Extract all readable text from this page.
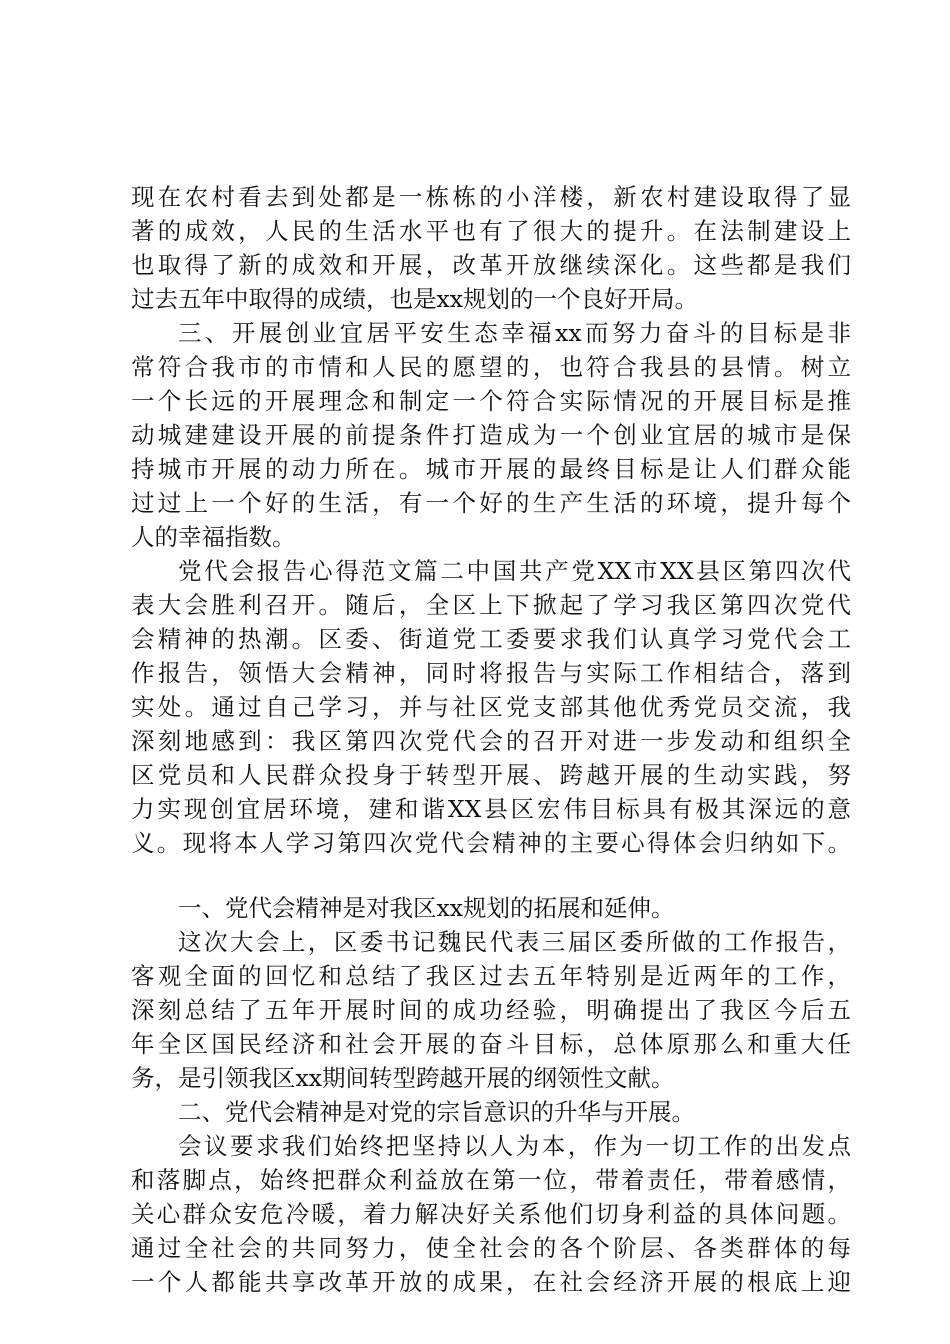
现在农村看去到处都是一栋栋的小洋楼，新农村建设取得了显
著的成效，人民的生活水平也有了很大的提升。在法制建设上
也取得了新的成效和开展，改革开放继续深化。这些都是我们
过去五年中取得的成绩，也是xx规划的一个良好开局。
三、开展创业宜居平安生态幸福xx而努力奋斗的目标是非
常符合我市的市情和人民的愿望的，也符合我县的县情。树立
一个长远的开展理念和制定一个符合实际情况的开展目标是推
动城建建设开展的前提条件打造成为一个创业宜居的城市是保
持城市开展的动力所在。城市开展的最终目标是让人们群众能
过过上一个好的生活，有一个好的生产生活的环境，提升每个
人的幸福指数。
党代会报告心得范文篇二中国共产党XX市XX县区第四次代
表大会胜利召开。随后，全区上下掀起了学习我区第四次党代
会精神的热潮。区委、街道党工委要求我们认真学习党代会工
作报告，领悟大会精神，同时将报告与实际工作相结合，落到
实处。通过自己学习，并与社区党支部其他优秀党员交流，我
深刻地感到：我区第四次党代会的召开对进一步发动和组织全
区党员和人民群众投身于转型开展、跨越开展的生动实践，努
力实现创宜居环境，建和谐XX县区宏伟目标具有极其深远的意
义。现将本人学习第四次党代会精神的主要心得体会归纳如下。
一、党代会精神是对我区xx规划的拓展和延伸。
这次大会上，区委书记魏民代表三届区委所做的工作报告，
客观全面的回忆和总结了我区过去五年特别是近两年的工作，
深刻总结了五年开展时间的成功经验，明确提出了我区今后五
年全区国民经济和社会开展的奋斗目标，总体原那么和重大任
务，是引领我区xx期间转型跨越开展的纲领性文献。
二、党代会精神是对党的宗旨意识的升华与开展。
会议要求我们始终把坚持以人为本，作为一切工作的出发点
和落脚点，始终把群众利益放在第一位，带着责任，带着感情，
关心群众安危冷暖，着力解决好关系他们切身利益的具体问题。
通过全社会的共同努力，使全社会的各个阶层、各类群体的每
一个人都能共享改革开放的成果，在社会经济开展的根底上迎
